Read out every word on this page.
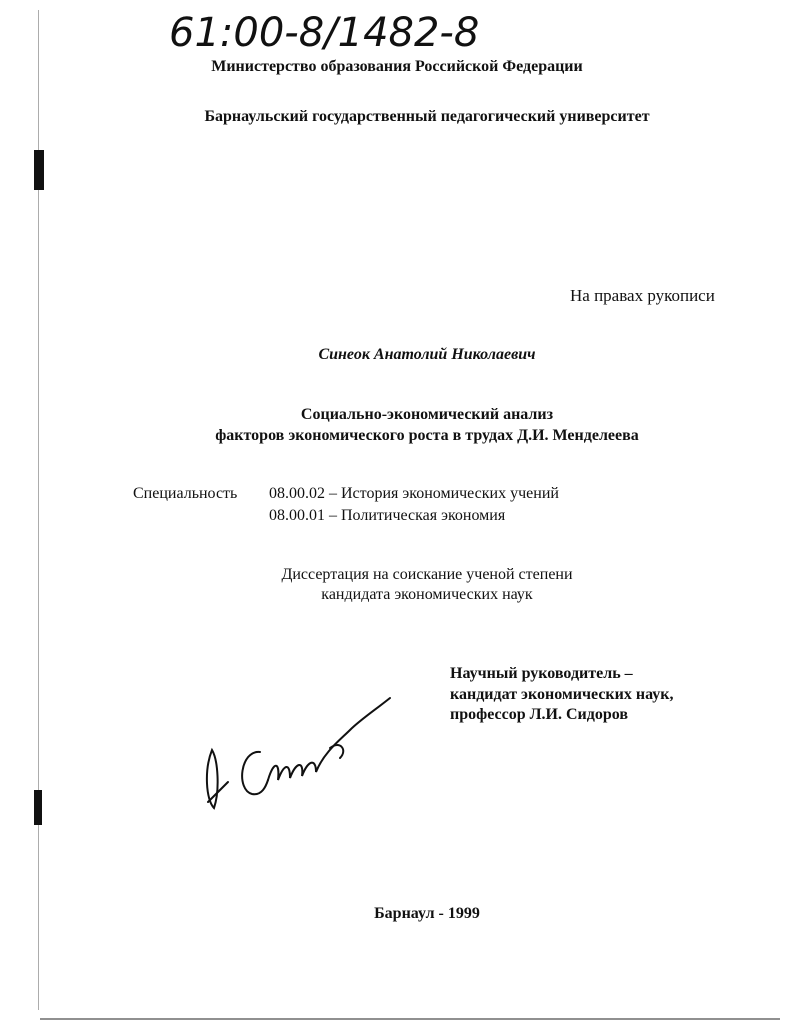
61:00-8/1482-8
Министерство образования Российской Федерации
Барнаульский государственный педагогический университет
На правах рукописи
Синеок Анатолий Николаевич
Социально-экономический анализ
факторов экономического роста в трудах Д.И. Менделеева
Специальность 08.00.02 – История экономических учений
08.00.01 – Политическая экономия
Диссертация на соискание ученой степени
кандидата экономических наук
Научный руководитель –
кандидат экономических наук,
профессор Л.И. Сидоров
Барнаул - 1999
